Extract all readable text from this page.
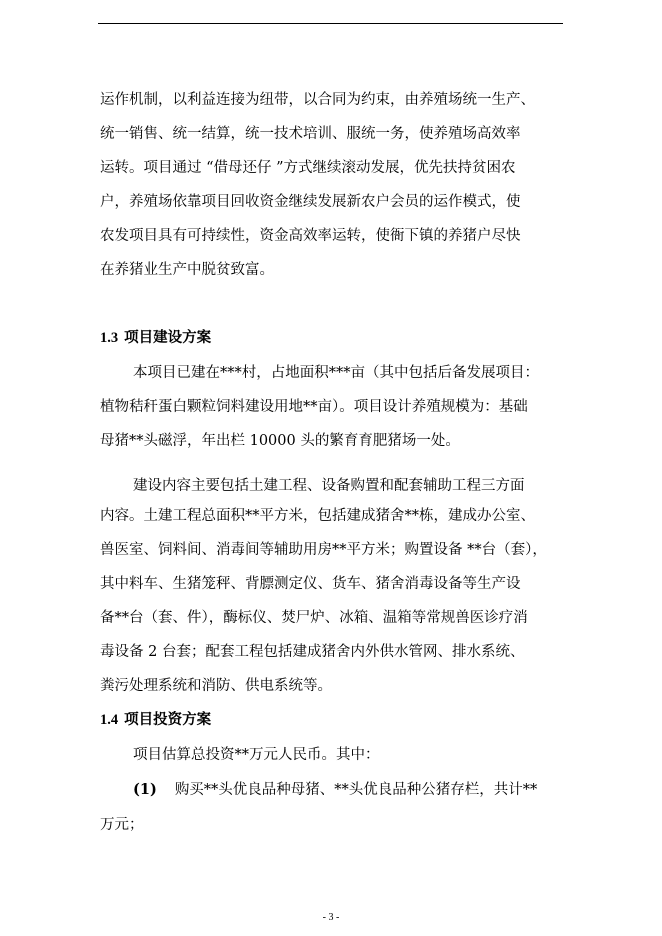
运作机制，以利益连接为纽带，以合同为约束，由养殖场统一生产、
统一销售、统一结算，统一技术培训、服统一务，使养殖场高效率
运转。项目通过 “借母还仔 ”方式继续滚动发展，优先扶持贫困农
户，养殖场依靠项目回收资金继续发展新农户会员的运作模式，使
农发项目具有可持续性，资金高效率运转，使衙下镇的养猪户尽快
在养猪业生产中脱贫致富。
1.3 项目建设方案
本项目已建在***村，占地面积***亩（其中包括后备发展项目：
植物秸秆蛋白颗粒饲料建设用地**亩）。项目设计养殖规模为：基础
母猪**头磁浮，年出栏 10000 头的繁育育肥猪场一处。
建设内容主要包括土建工程、设备购置和配套辅助工程三方面
内容。土建工程总面积**平方米，包括建成猪舍**栋，建成办公室、
兽医室、饲料间、消毒间等辅助用房**平方米；购置设备 **台（套），
其中料车、生猪笼秤、背膘测定仪、货车、猪舍消毒设备等生产设
备**台（套、件），酶标仪、焚尸炉、冰箱、温箱等常规兽医诊疗消
毒设备 2 台套；配套工程包括建成猪舍内外供水管网、排水系统、
粪污处理系统和消防、供电系统等。
1.4 项目投资方案
项目估算总投资**万元人民币。其中：
(1) 购买**头优良品种母猪、**头优良品种公猪存栏，共计**
万元；
- 3 -
